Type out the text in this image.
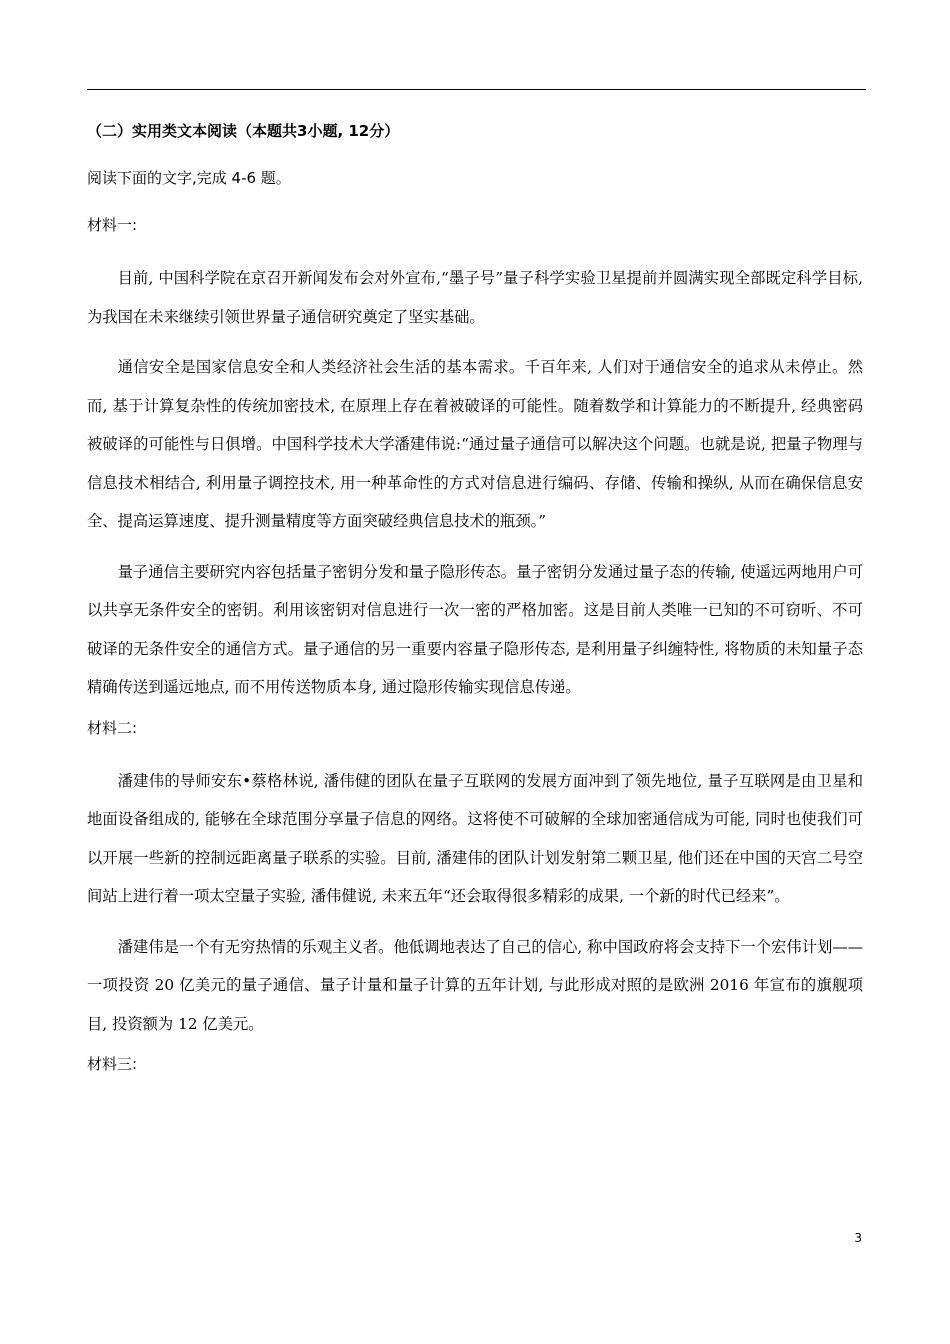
（二）实用类文本阅读（本题共3小题, 12分）
阅读下面的文字,完成 4-6 题。
材料一:

目前, 中国科学院在京召开新闻发布会对外宣布,“墨子号”量子科学实验卫星提前并圆满实现全部既定科学目标, 为我国在未来继续引领世界量子通信研究奠定了坚实基础。

通信安全是国家信息安全和人类经济社会生活的基本需求。千百年来, 人们对于通信安全的追求从未停止。然而, 基于计算复杂性的传统加密技术, 在原理上存在着被破译的可能性。随着数学和计算能力的不断提升, 经典密码被破译的可能性与日俱增。中国科学技术大学潘建伟说:“通过量子通信可以解决这个问题。也就是说, 把量子物理与信息技术相结合, 利用量子调控技术, 用一种革命性的方式对信息进行编码、存储、传输和操纵, 从而在确保信息安全、提高运算速度、提升测量精度等方面突破经典信息技术的瓶颈。”

量子通信主要研究内容包括量子密钥分发和量子隐形传态。量子密钥分发通过量子态的传输, 使遥远两地用户可以共享无条件安全的密钥。利用该密钥对信息进行一次一密的严格加密。这是目前人类唯一已知的不可窃听、不可破译的无条件安全的通信方式。量子通信的另一重要内容量子隐形传态, 是利用量子纠缠特性, 将物质的未知量子态精确传送到遥远地点, 而不用传送物质本身, 通过隐形传输实现信息传递。

材料二:

潘建伟的导师安东•蔡格林说, 潘伟健的团队在量子互联网的发展方面冲到了领先地位, 量子互联网是由卫星和地面设备组成的, 能够在全球范围分享量子信息的网络。这将使不可破解的全球加密通信成为可能, 同时也使我们可以开展一些新的控制远距离量子联系的实验。目前, 潘建伟的团队计划发射第二颗卫星, 他们还在中国的天宫二号空间站上进行着一项太空量子实验, 潘伟健说, 未来五年“还会取得很多精彩的成果, 一个新的时代已经来”。

潘建伟是一个有无穷热情的乐观主义者。他低调地表达了自己的信心, 称中国政府将会支持下一个宏伟计划——一项投资 20 亿美元的量子通信、量子计量和量子计算的五年计划, 与此形成对照的是欧洲 2016 年宣布的旗舰项目, 投资额为 12 亿美元。

材料三:
3
